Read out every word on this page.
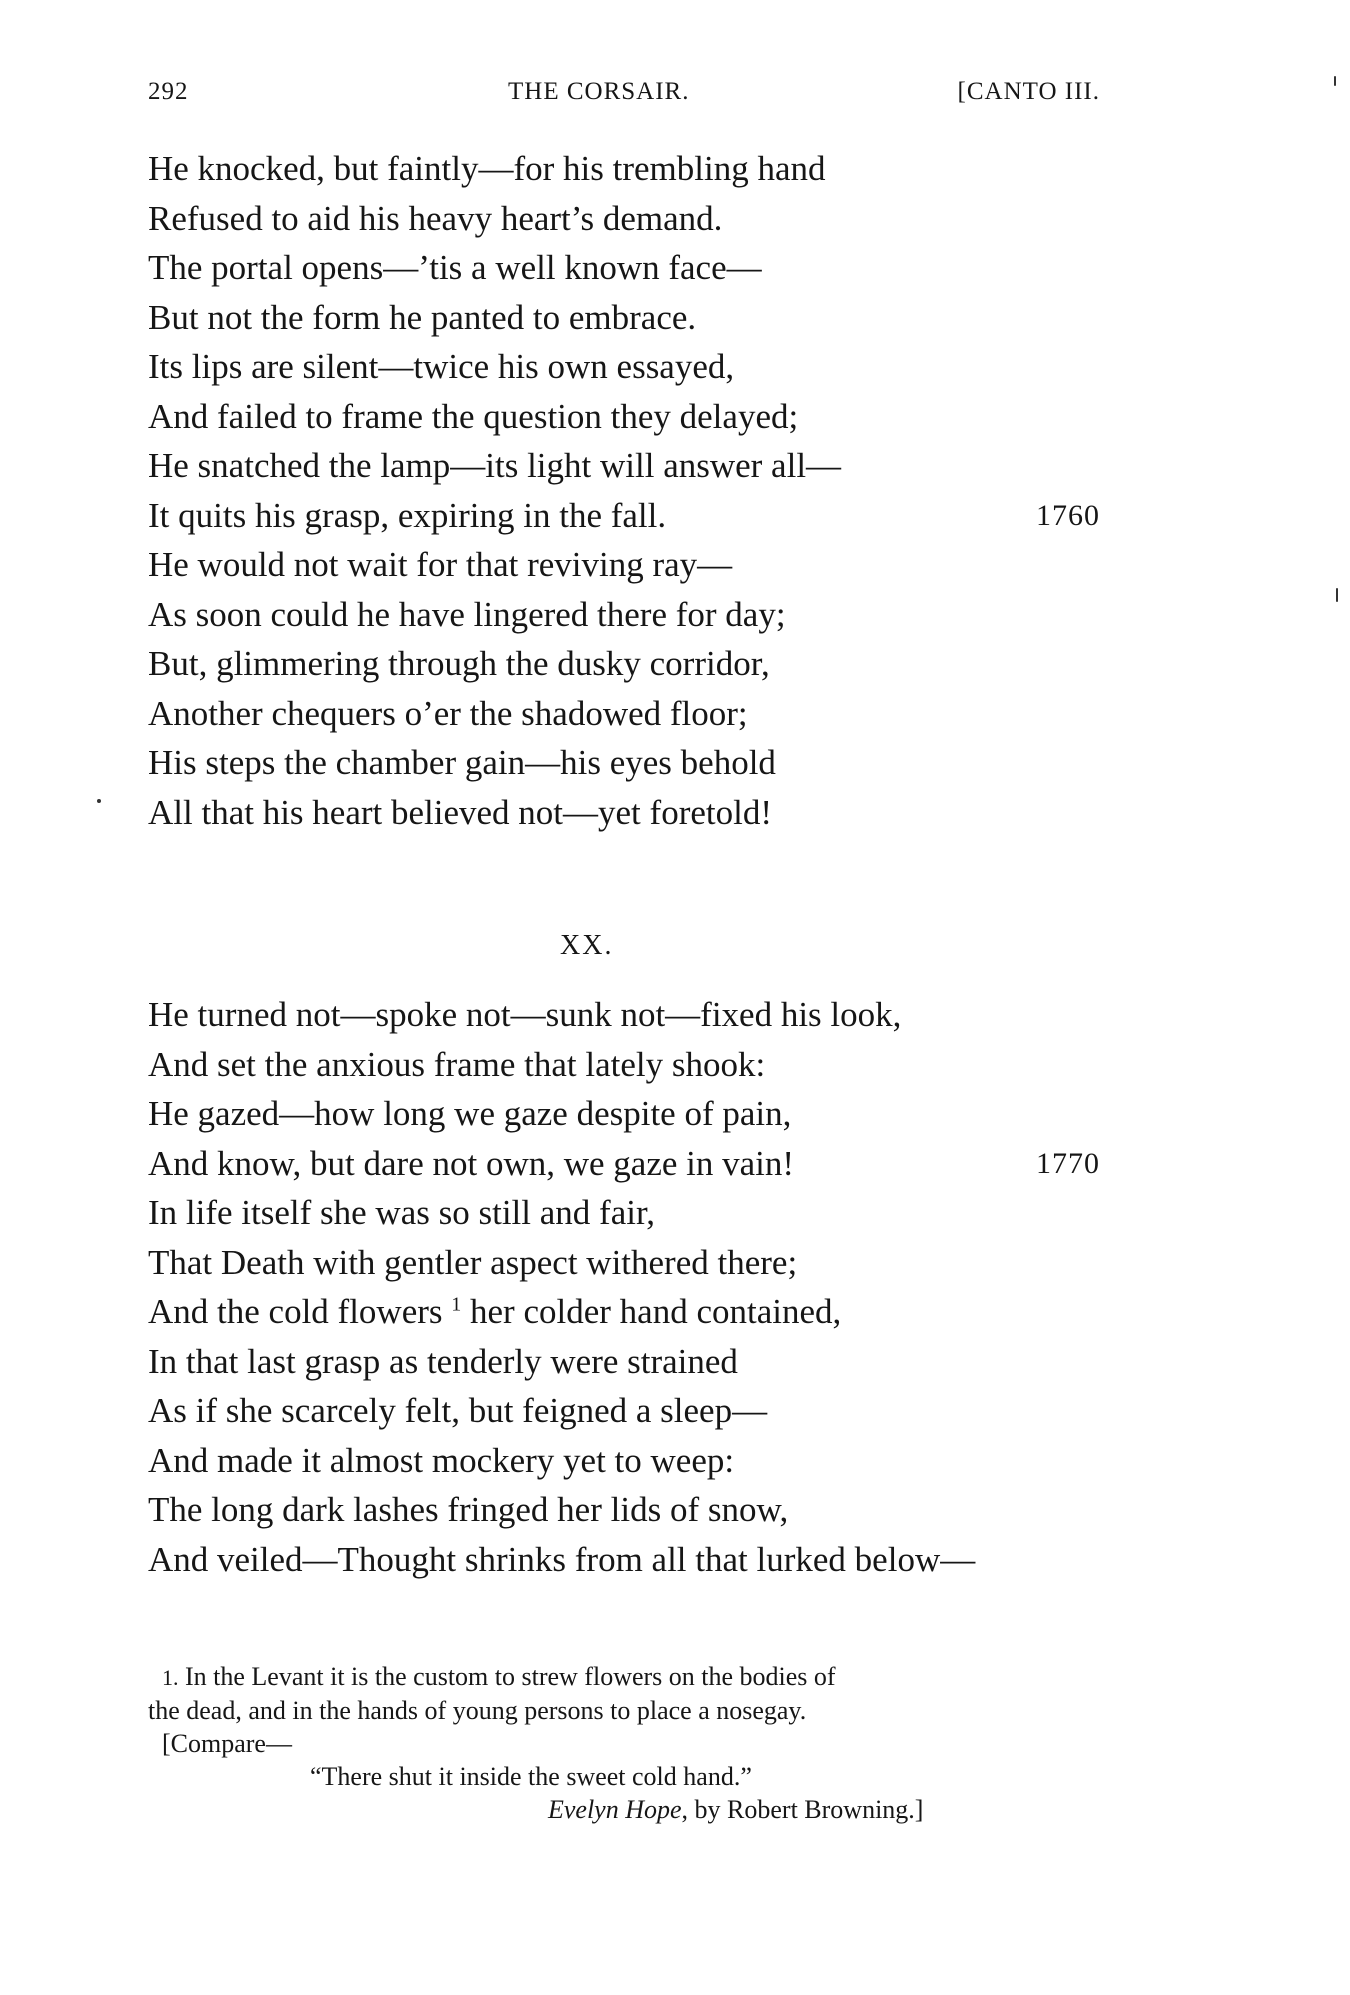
292	THE CORSAIR.	[CANTO III.
He knocked, but faintly—for his trembling hand
Refused to aid his heavy heart’s demand.
The portal opens—’tis a well known face—
But not the form he panted to embrace.
Its lips are silent—twice his own essayed,
And failed to frame the question they delayed;
He snatched the lamp—its light will answer all—
It quits his grasp, expiring in the fall.	1760
He would not wait for that reviving ray—
As soon could he have lingered there for day;
But, glimmering through the dusky corridor,
Another chequers o’er the shadowed floor;
His steps the chamber gain—his eyes behold
All that his heart believed not—yet foretold!
XX.
He turned not—spoke not—sunk not—fixed his look,
And set the anxious frame that lately shook:
He gazed—how long we gaze despite of pain,
And know, but dare not own, we gaze in vain!	1770
In life itself she was so still and fair,
That Death with gentler aspect withered there;
And the cold flowers $^1$ her colder hand contained,
In that last grasp as tenderly were strained
As if she scarcely felt, but feigned a sleep—
And made it almost mockery yet to weep:
The long dark lashes fringed her lids of snow,
And veiled—Thought shrinks from all that lurked below—
1. In the Levant it is the custom to strew flowers on the bodies of
the dead, and in the hands of young persons to place a nosegay.
[Compare—
“There shut it inside the sweet cold hand.”
Evelyn Hope, by Robert Browning.]
